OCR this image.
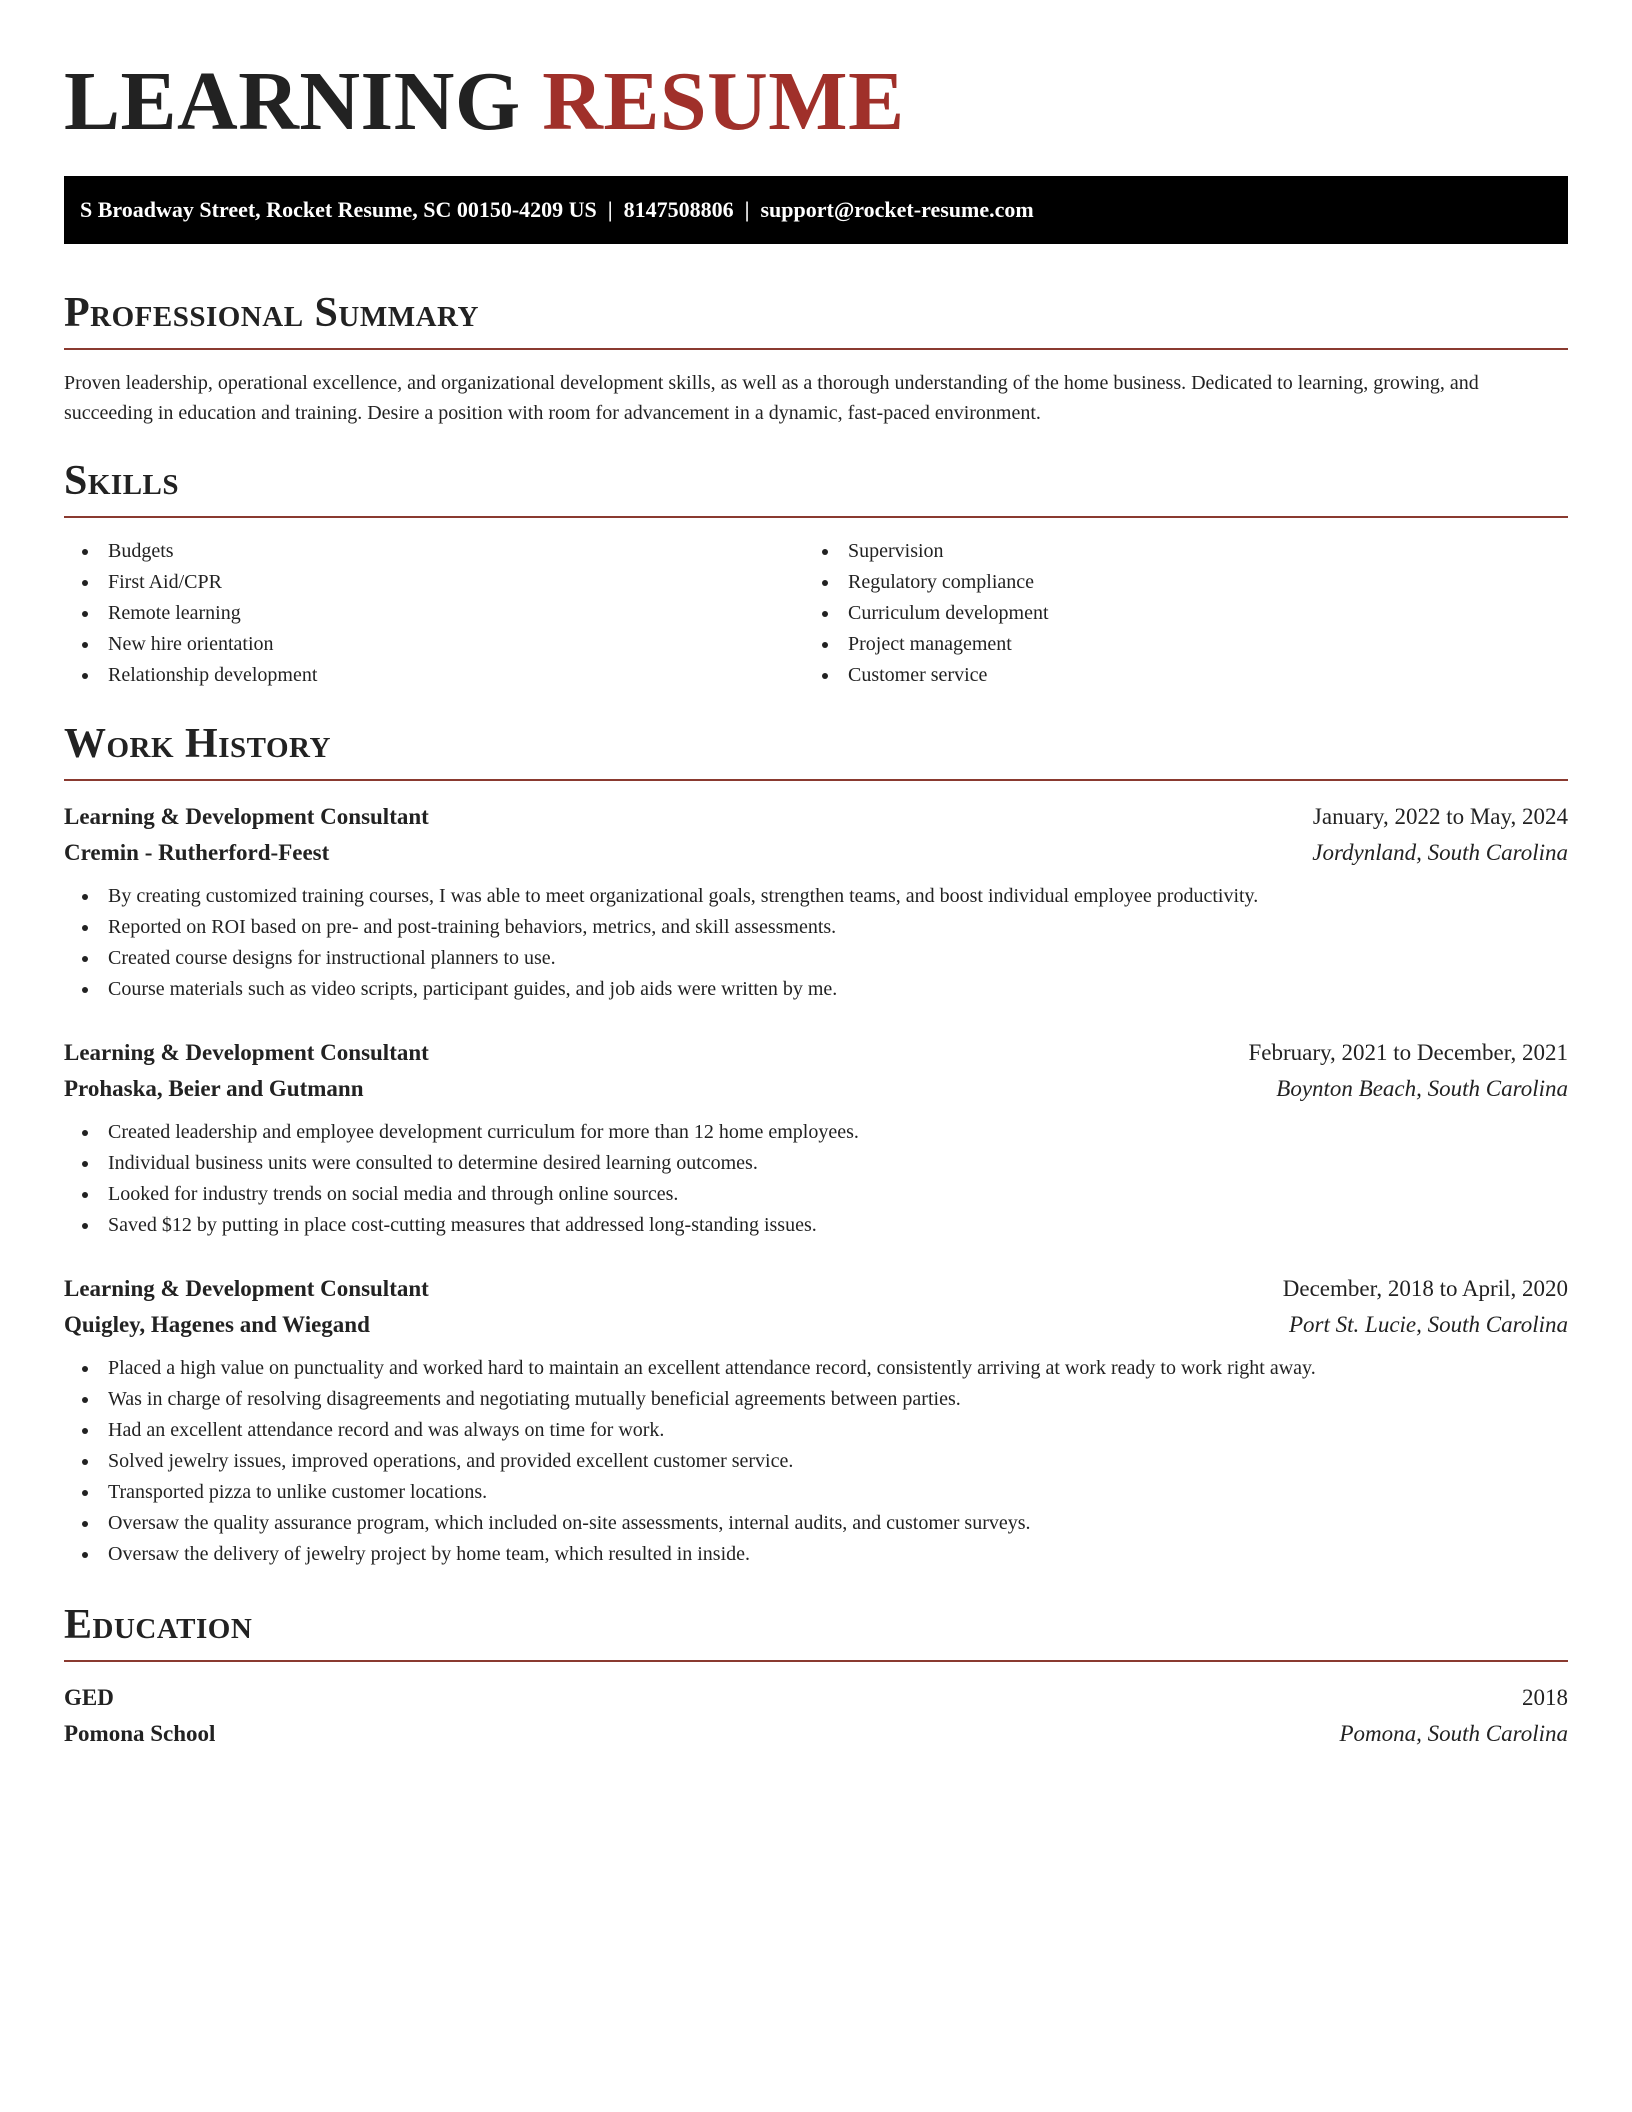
LEARNING RESUME
S Broadway Street, Rocket Resume, SC 00150-4209 US  |  8147508806  |  support@rocket-resume.com
Professional Summary

Proven leadership, operational excellence, and organizational development skills, as well as a thorough understanding of the home business. Dedicated to learning, growing, and succeeding in education and training. Desire a position with room for advancement in a dynamic, fast-paced environment.

Skills
Budgets
First Aid/CPR
Remote learning
New hire orientation
Relationship development
Supervision
Regulatory compliance
Curriculum development
Project management
Customer service
Work History
Learning & Development Consultant	January, 2022 to May, 2024
Cremin - Rutherford-Feest	Jordynland, South Carolina
By creating customized training courses, I was able to meet organizational goals, strengthen teams, and boost individual employee productivity.
Reported on ROI based on pre- and post-training behaviors, metrics, and skill assessments.
Created course designs for instructional planners to use.
Course materials such as video scripts, participant guides, and job aids were written by me.
Learning & Development Consultant	February, 2021 to December, 2021
Prohaska, Beier and Gutmann	Boynton Beach, South Carolina
Created leadership and employee development curriculum for more than 12 home employees.
Individual business units were consulted to determine desired learning outcomes.
Looked for industry trends on social media and through online sources.
Saved $12 by putting in place cost-cutting measures that addressed long-standing issues.
Learning & Development Consultant	December, 2018 to April, 2020
Quigley, Hagenes and Wiegand	Port St. Lucie, South Carolina
Placed a high value on punctuality and worked hard to maintain an excellent attendance record, consistently arriving at work ready to work right away.
Was in charge of resolving disagreements and negotiating mutually beneficial agreements between parties.
Had an excellent attendance record and was always on time for work.
Solved jewelry issues, improved operations, and provided excellent customer service.
Transported pizza to unlike customer locations.
Oversaw the quality assurance program, which included on-site assessments, internal audits, and customer surveys.
Oversaw the delivery of jewelry project by home team, which resulted in inside.
Education
GED	2018
Pomona School	Pomona, South Carolina
